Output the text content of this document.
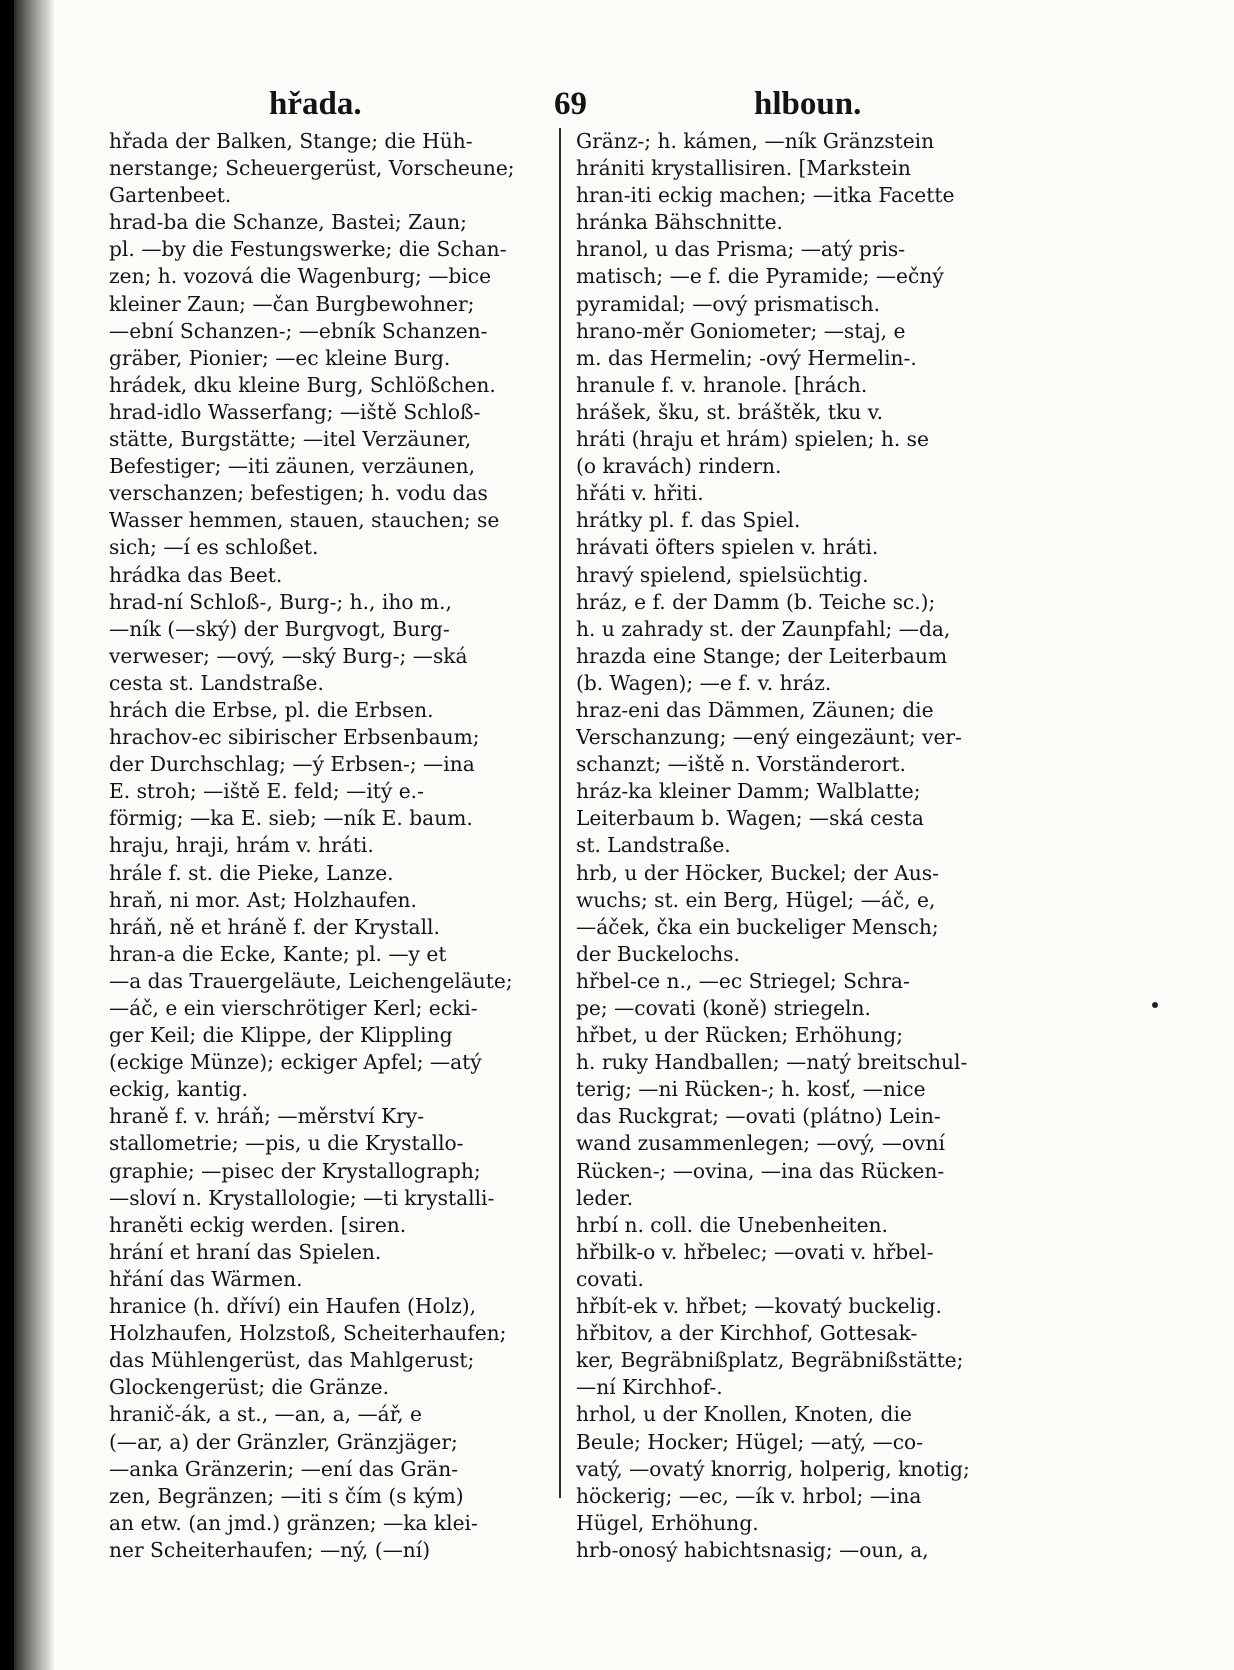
hřada.	69	hlboun.
hřada der Balken, Stange; die Hüh-
nerstange; Scheuergerüst, Vorscheune;
Gartenbeet.
hrad-ba die Schanze, Bastei; Zaun;
pl. —by die Festungswerke; die Schan-
zen; h. vozová die Wagenburg; —bice
kleiner Zaun; —čan Burgbewohner;
—ební Schanzen-; —ebník Schanzen-
gräber, Pionier; —ec kleine Burg.
hrádek, dku kleine Burg, Schlößchen.
hrad-idlo Wasserfang; —iště Schloß-
stätte, Burgstätte; —itel Verzäuner,
Befestiger; —iti zäunen, verzäunen,
verschanzen; befestigen; h. vodu das
Wasser hemmen, stauen, stauchen; se
sich; —í es schloßet.
hrádka das Beet.
hrad-ní Schloß-, Burg-; h., iho m.,
—ník (—ský) der Burgvogt, Burg-
verweser; —ový, —ský Burg-; —ská
cesta st. Landstraße.
hrách die Erbse, pl. die Erbsen.
hrachov-ec sibirischer Erbsenbaum;
der Durchschlag; —ý Erbsen-; —ina
E. stroh; —iště E. feld; —itý e.-
förmig; —ka E. sieb; —ník E. baum.
hraju, hraji, hrám v. hráti.
hrále f. st. die Pieke, Lanze.
hraň, ni mor. Ast; Holzhaufen.
hráň, ně et hráně f. der Krystall.
hran-a die Ecke, Kante; pl. —y et
—a das Trauergeläute, Leichengeläute;
—áč, e ein vierschrötiger Kerl; ecki-
ger Keil; die Klippe, der Klippling
(eckige Münze); eckiger Apfel; —atý
eckig, kantig.
hraně f. v. hráň; —měrství Kry-
stallometrie; —pis, u die Krystallo-
graphie; —pisec der Krystallograph;
—sloví n. Krystallologie; —ti krystalli-
hraněti eckig werden. [siren.
hrání et hraní das Spielen.
hřání das Wärmen.
hranice (h. dříví) ein Haufen (Holz),
Holzhaufen, Holzstoß, Scheiterhaufen;
das Mühlengerüst, das Mahlgerust;
Glockengerüst; die Gränze.
hranič-ák, a st., —an, a, —ář, e
(—ar, a) der Gränzler, Gränzjäger;
—anka Gränzerin; —ení das Grän-
zen, Begränzen; —iti s čím (s kým)
an etw. (an jmd.) gränzen; —ka klei-
ner Scheiterhaufen; —ný, (—ní)
Gränz-; h. kámen, —ník Gränzstein
hrániti krystallisiren. [Markstein
hran-iti eckig machen; —itka Facette
hránka Bähschnitte.
hranol, u das Prisma; —atý pris-
matisch; —e f. die Pyramide; —ečný
pyramidal; —ový prismatisch.
hrano-měr Goniometer; —staj, e
m. das Hermelin; -ový Hermelin-.
hranule f. v. hranole. [hrách.
hrášek, šku, st. bráštěk, tku v.
hráti (hraju et hrám) spielen; h. se
(o kravách) rindern.
hřáti v. hřiti.
hrátky pl. f. das Spiel.
hrávati öfters spielen v. hráti.
hravý spielend, spielsüchtig.
hráz, e f. der Damm (b. Teiche sc.);
h. u zahrady st. der Zaunpfahl; —da,
hrazda eine Stange; der Leiterbaum
(b. Wagen); —e f. v. hráz.
hraz-eni das Dämmen, Zäunen; die
Verschanzung; —ený eingezäunt; ver-
schanzt; —iště n. Vorständerort.
hráz-ka kleiner Damm; Walblatte;
Leiterbaum b. Wagen; —ská cesta
st. Landstraße.
hrb, u der Höcker, Buckel; der Aus-
wuchs; st. ein Berg, Hügel; —áč, e,
—áček, čka ein buckeliger Mensch;
der Buckelochs.
hřbel-ce n., —ec Striegel; Schra-
pe; —covati (koně) striegeln.
hřbet, u der Rücken; Erhöhung;
h. ruky Handballen; —natý breitschul-
terig; —ni Rücken-; h. kosť, —nice
das Ruckgrat; —ovati (plátno) Lein-
wand zusammenlegen; —ový, —ovní
Rücken-; —ovina, —ina das Rücken-
leder.
hrbí n. coll. die Unebenheiten.
hřbilk-o v. hřbelec; —ovati v. hřbel-
covati.
hřbít-ek v. hřbet; —kovatý buckelig.
hřbitov, a der Kirchhof, Gottesak-
ker, Begräbnißplatz, Begräbnißstätte;
—ní Kirchhof-.
hrhol, u der Knollen, Knoten, die
Beule; Hocker; Hügel; —atý, —co-
vatý, —ovatý knorrig, holperig, knotig;
höckerig; —ec, —ík v. hrbol; —ina
Hügel, Erhöhung.
hrb-onosý habichtsnasig; —oun, a,
